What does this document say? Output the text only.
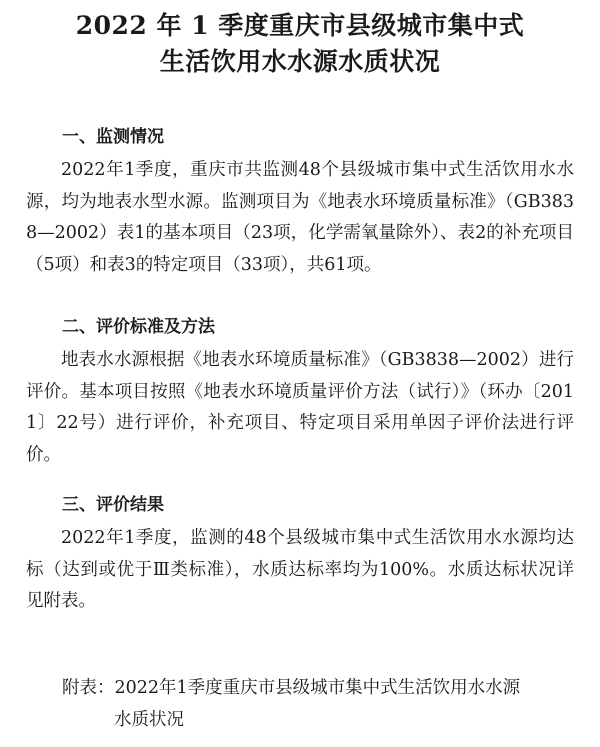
2022 年 1 季度重庆市县级城市集中式
生活饮用水水源水质状况
一、监测情况
2022年1季度，重庆市共监测48个县级城市集中式生活饮用水水源，均为地表水型水源。监测项目为《地表水环境质量标准》（GB3838—2002）表1的基本项目（23项，化学需氧量除外）、表2的补充项目（5项）和表3的特定项目（33项），共61项。
二、评价标准及方法
地表水水源根据《地表水环境质量标准》（GB3838—2002）进行评价。基本项目按照《地表水环境质量评价方法（试行）》（环办〔2011〕22号）进行评价，补充项目、特定项目采用单因子评价法进行评价。
三、评价结果
2022年1季度，监测的48个县级城市集中式生活饮用水水源均达标（达到或优于Ⅲ类标准），水质达标率均为100%。水质达标状况详见附表。
附表：2022年1季度重庆市县级城市集中式生活饮用水水源
水质状况
